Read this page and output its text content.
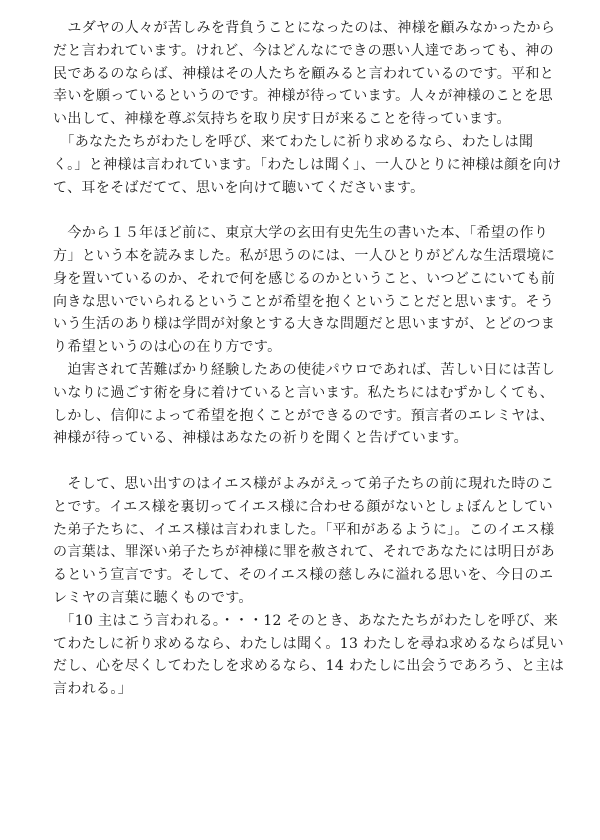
　ユダヤの人々が苦しみを背負うことになったのは、神様を顧みなかったから
だと言われています。けれど、今はどんなにできの悪い人達であっても、神の
民であるのならば、神様はその人たちを顧みると言われているのです。平和と
幸いを願っているというのです。神様が待っています。人々が神様のことを思
い出して、神様を尊ぶ気持ちを取り戻す日が来ることを待っています。
　「あなたたちがわたしを呼び、来てわたしに祈り求めるなら、わたしは聞
く。」と神様は言われています。「わたしは聞く」、一人ひとりに神様は顔を向け
て、耳をそばだてて、思いを向けて聴いてくださいます。
　今から１５年ほど前に、東京大学の玄田有史先生の書いた本、「希望の作り
方」という本を読みました。私が思うのには、一人ひとりがどんな生活環境に
身を置いているのか、それで何を感じるのかということ、いつどこにいても前
向きな思いでいられるということが希望を抱くということだと思います。そう
いう生活のあり様は学問が対象とする大きな問題だと思いますが、とどのつま
り希望というのは心の在り方です。
　迫害されて苦難ばかり経験したあの使徒パウロであれば、苦しい日には苦し
いなりに過ごす術を身に着けていると言います。私たちにはむずかしくても、
しかし、信仰によって希望を抱くことができるのです。預言者のエレミヤは、
神様が待っている、神様はあなたの祈りを聞くと告げています。
　そして、思い出すのはイエス様がよみがえって弟子たちの前に現れた時のこ
とです。イエス様を裏切ってイエス様に合わせる顔がないとしょぼんとしてい
た弟子たちに、イエス様は言われました。「平和があるように」。このイエス様
の言葉は、罪深い弟子たちが神様に罪を赦されて、それであなたには明日があ
るという宣言です。そして、そのイエス様の慈しみに溢れる思いを、今日のエ
レミヤの言葉に聴くものです。
　「10 主はこう言われる。・・・12 そのとき、あなたたちがわたしを呼び、来
てわたしに祈り求めるなら、わたしは聞く。13 わたしを尋ね求めるならば見い
だし、心を尽くしてわたしを求めるなら、14 わたしに出会うであろう、と主は
言われる。」
